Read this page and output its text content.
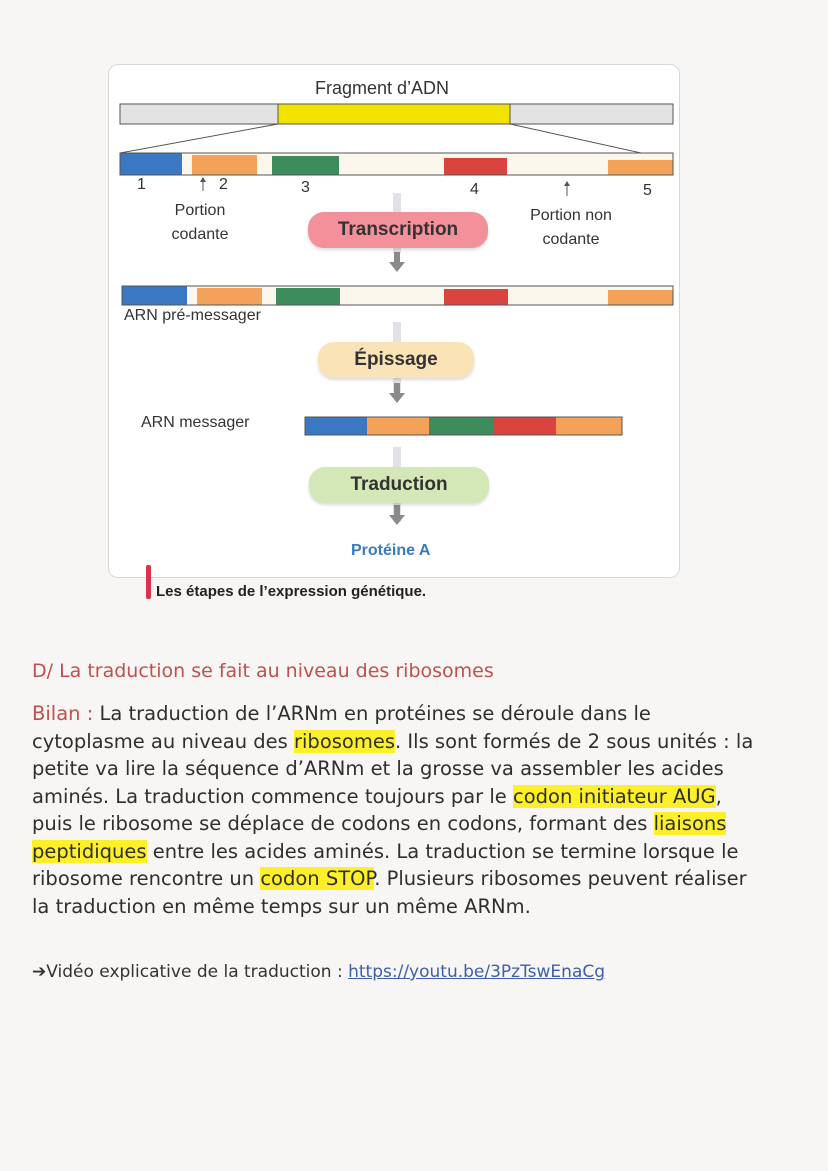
Fragment d’ADN
1	2	3	4	5
Portion
codante
Portion non
codante
Transcription
ARN pré-messager
Épissage
ARN messager
Traduction
Protéine A
Les étapes de l’expression génétique.
D/ La traduction se fait au niveau des ribosomes
Bilan : La traduction de l’ARNm en protéines se déroule dans le cytoplasme au niveau des ribosomes. Ils sont formés de 2 sous unités : la petite va lire la séquence d’ARNm et la grosse va assembler les acides aminés. La traduction commence toujours par le codon initiateur AUG, puis le ribosome se déplace de codons en codons, formant des liaisons peptidiques entre les acides aminés. La traduction se termine lorsque le ribosome rencontre un codon STOP. Plusieurs ribosomes peuvent réaliser la traduction en même temps sur un même ARNm.
➔Vidéo explicative de la traduction : https://youtu.be/3PzTswEnaCg
